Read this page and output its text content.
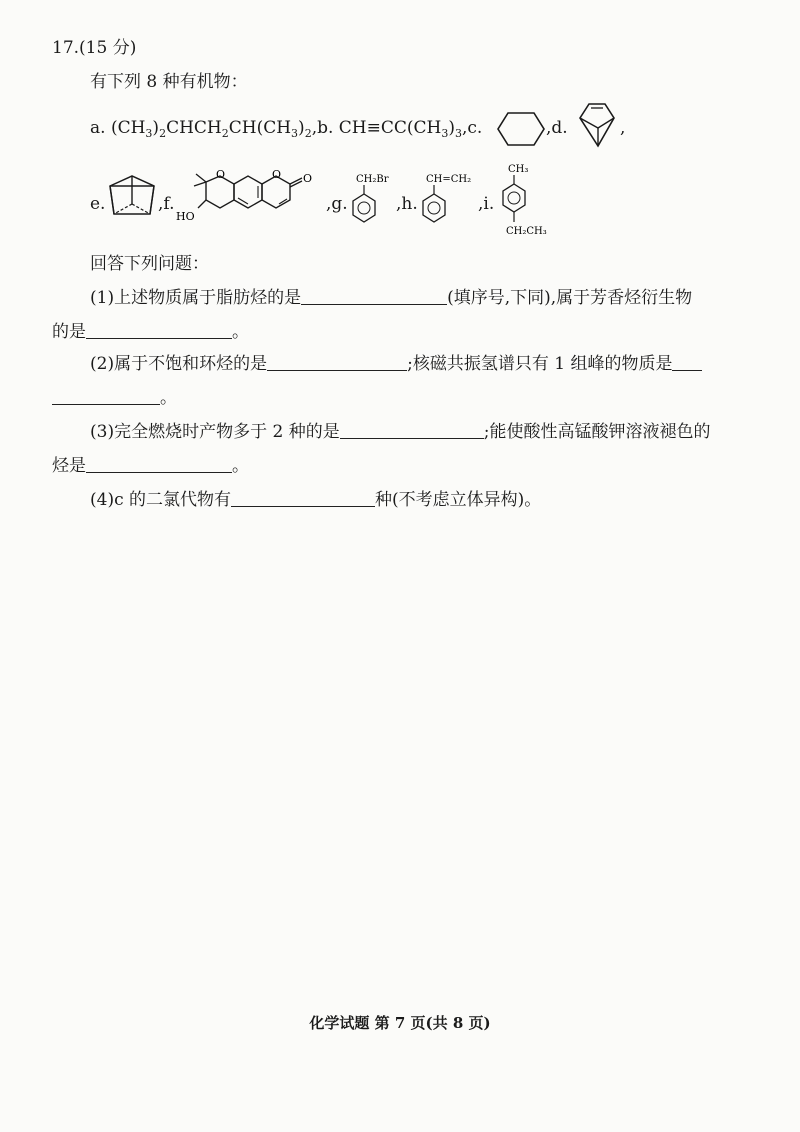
17.(15 分)
有下列 8 种有机物：
a. $(CH_3)_2CHCH_2CH(CH_3)_2,b$. $CH\equiv CC(CH_3)_3,c$.	,d.	,
e.	,f.
HO
O	O O
,g.
CH₂Br
,h.
CH=CH₂
,i.
CH₃
CH₂CH₃
回答下列问题：
(1)上述物质属于脂肪烃的是	(填序号,下同),属于芳香烃衍生物
的是	。
(2)属于不饱和环烃的是	;核磁共振氢谱只有 1 组峰的物质是
。
(3)完全燃烧时产物多于 2 种的是	;能使酸性高锰酸钾溶液褪色的
烃是	。
(4)c 的二氯代物有	种(不考虑立体异构)。
化学试题 第 7 页(共 8 页)
